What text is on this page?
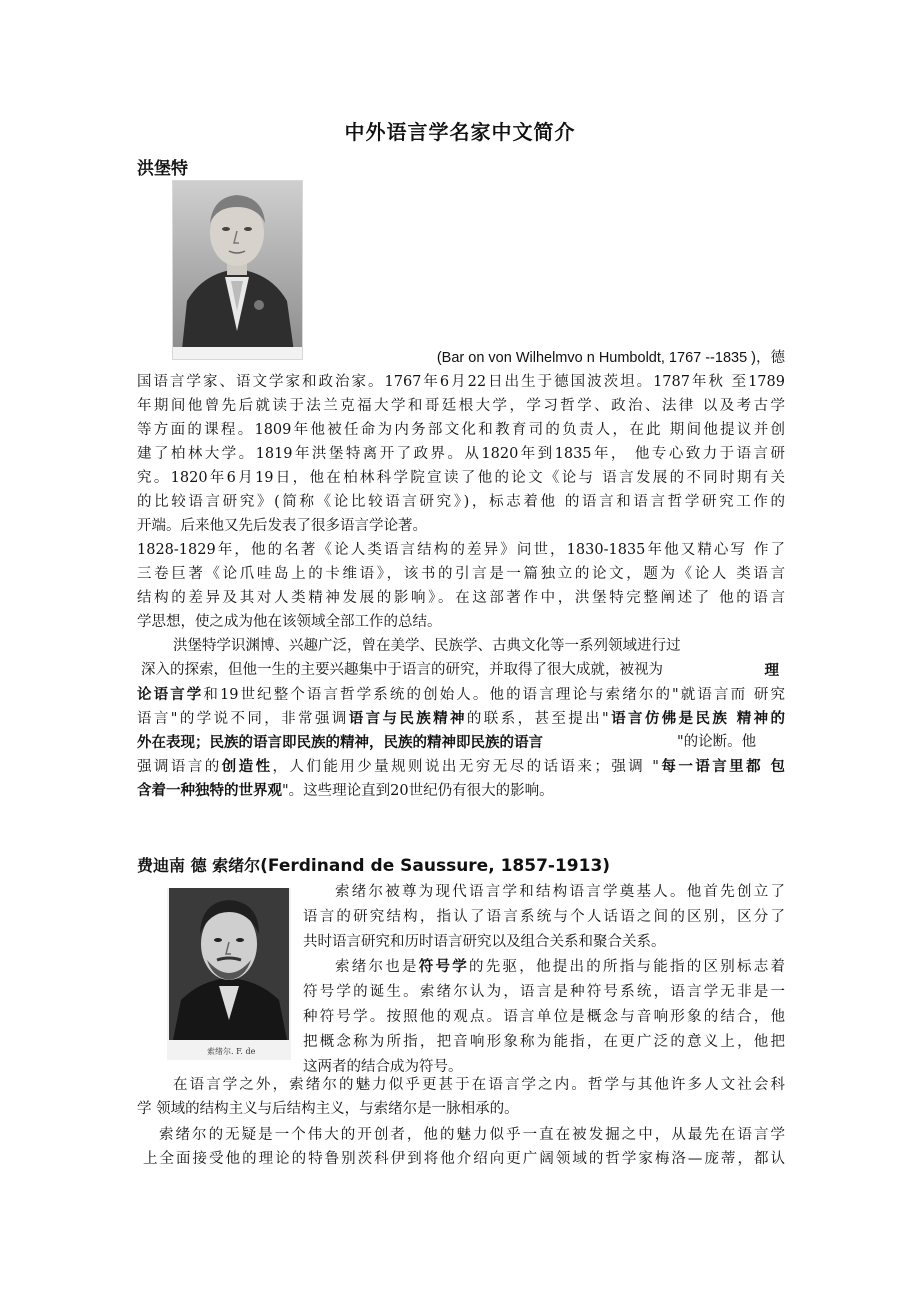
中外语言学名家中文简介
洪堡特
(Bar on von Wilhelmvo n Humboldt, 1767 --1835 )，德
国语言学家、语文学家和政治家。1767年6月22日出生于德国波茨坦。1787年秋 至1789
年期间他曾先后就读于法兰克福大学和哥廷根大学，学习哲学、政治、法律 以及考古学
等方面的课程。1809年他被任命为内务部文化和教育司的负责人，在此 期间他提议并创
建了柏林大学。1819年洪堡特离开了政界。从1820年到1835年， 他专心致力于语言研
究。1820年6月19日，他在柏林科学院宣读了他的论文《论与 语言发展的不同时期有关
的比较语言研究》(简称《论比较语言研究》)，标志着他 的语言和语言哲学研究工作的
开端。后来他又先后发表了很多语言学论著。
1828-1829年，他的名著《论人类语言结构的差异》问世，1830-1835年他又精心写 作了
三卷巨著《论爪哇岛上的卡维语》，该书的引言是一篇独立的论文，题为《论人 类语言
结构的差异及其对人类精神发展的影响》。在这部著作中，洪堡特完整阐述了 他的语言
学思想，使之成为他在该领域全部工作的总结。
洪堡特学识渊博、兴趣广泛，曾在美学、民族学、古典文化等一系列领域进行过
深入的探索，但他一生的主要兴趣集中于语言的研究，并取得了很大成就，被视为	理
论语言学和19世纪整个语言哲学系统的创始人。他的语言理论与索绪尔的"就语言而 研究
语言"的学说不同，非常强调语言与民族精神的联系，甚至提出"语言仿佛是民族 精神的
外在表现；民族的语言即民族的精神，民族的精神即民族的语言	"的论断。他
强调语言的创造性，人们能用少量规则说出无穷无尽的话语来；强调 "每一语言里都 包
含着一种独特的世界观"。这些理论直到20世纪仍有很大的影响。
费迪南 德 索绪尔(Ferdinand de Saussure, 1857-1913)
索绪尔. F. de
索绪尔被尊为现代语言学和结构语言学奠基人。他首先创立了
语言的研究结构，指认了语言系统与个人话语之间的区别，区分了
共时语言研究和历时语言研究以及组合关系和聚合关系。
索绪尔也是符号学的先驱，他提出的所指与能指的区别标志着
符号学的诞生。索绪尔认为，语言是种符号系统，语言学无非是一
种符号学。按照他的观点。语言单位是概念与音响形象的结合，他
把概念称为所指，把音响形象称为能指，在更广泛的意义上，他把
这两者的结合成为符号。
在语言学之外，索绪尔的魅力似乎更甚于在语言学之内。哲学与其他许多人文社会科
学 领域的结构主义与后结构主义，与索绪尔是一脉相承的。
索绪尔的无疑是一个伟大的开创者，他的魅力似乎一直在被发掘之中，从最先在语言学
上全面接受他的理论的特鲁别茨科伊到将他介绍向更广阔领域的哲学家梅洛—庞蒂，都认
